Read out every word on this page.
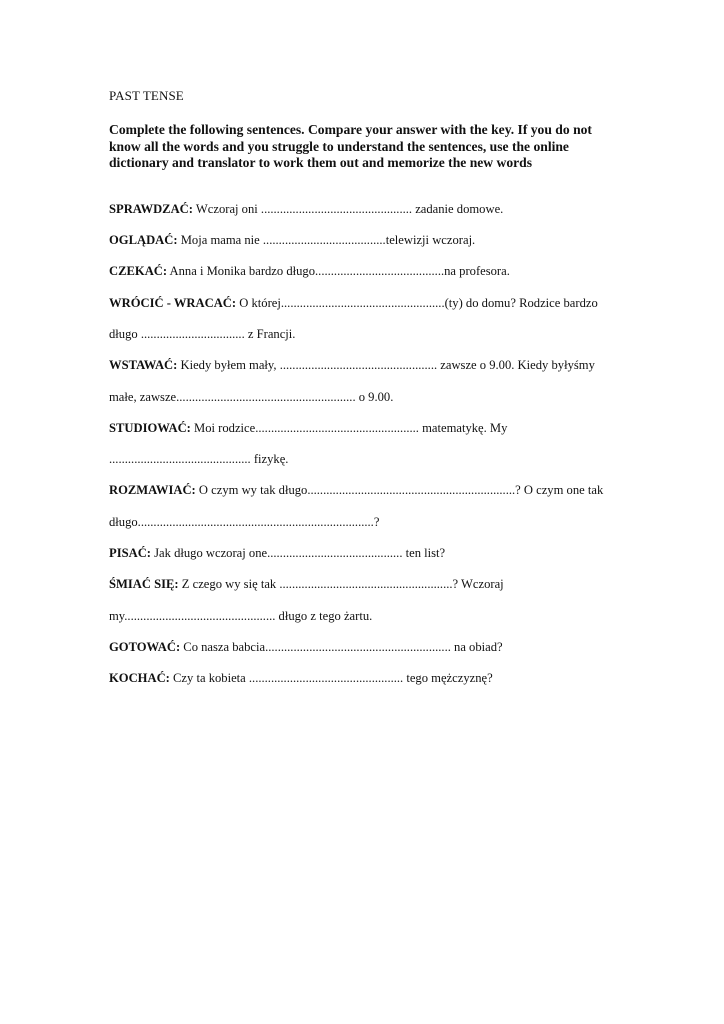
PAST TENSE

Complete the following sentences. Compare your answer with the key. If you do not know all the words and you struggle to understand the sentences, use the online dictionary and translator to work them out and memorize the new words
SPRAWDZAĆ: Wczoraj oni ................................................ zadanie domowe.
OGLĄDAĆ: Moja mama nie .......................................telewizji wczoraj.
CZEKAĆ: Anna i Monika bardzo długo.........................................na profesora.
WRÓCIĆ - WRACAĆ: O której....................................................(ty) do domu? Rodzice bardzo
długo ................................. z Francji.
WSTAWAĆ: Kiedy byłem mały, .................................................. zawsze o 9.00. Kiedy byłyśmy
małe, zawsze......................................................... o 9.00.
STUDIOWAĆ: Moi rodzice.................................................... matematykę. My
............................................. fizykę.
ROZMAWIAĆ: O czym wy tak długo..................................................................? O czym one tak
długo...........................................................................?
PISAĆ: Jak długo wczoraj one........................................... ten list?
ŚMIAĆ SIĘ: Z czego wy się tak .......................................................? Wczoraj
my................................................ długo z tego żartu.
GOTOWAĆ: Co nasza babcia........................................................... na obiad?
KOCHAĆ: Czy ta kobieta ................................................. tego mężczyznę?
